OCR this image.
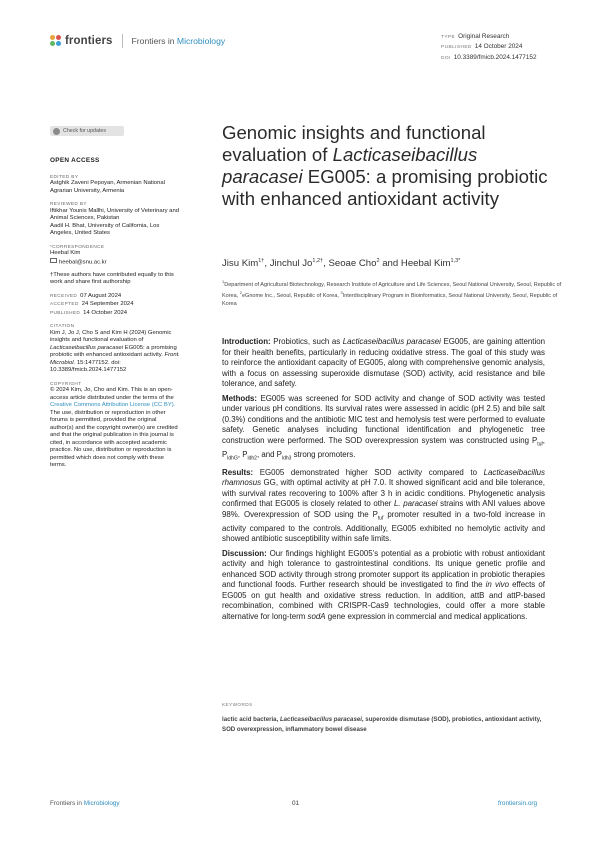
frontiers Frontiers in Microbiology	TYPE Original Research
PUBLISHED 14 October 2024
DOI 10.3389/fmicb.2024.1477152
Check for updates
OPEN ACCESS
EDITED BY
Astghik Zaveni Pepoyan, Armenian National Agrarian University, Armenia
REVIEWED BY
Iftikhar Younis Mallhi, University of Veterinary and Animal Sciences, Pakistan
Aadil H. Bhat, University of California, Los Angeles, United States
*CORRESPONDENCE
Heebal Kim
heebal@snu.ac.kr
†These authors have contributed equally to this work and share first authorship
RECEIVED 07 August 2024
ACCEPTED 24 September 2024
PUBLISHED 14 October 2024
CITATION
Kim J, Jo J, Cho S and Kim H (2024) Genomic insights and functional evaluation of Lacticaseibacillus paracasei EG005: a promising probiotic with enhanced antioxidant activity. Front. Microbiol. 15:1477152. doi: 10.3389/fmicb.2024.1477152
COPYRIGHT
© 2024 Kim, Jo, Cho and Kim. This is an open-access article distributed under the terms of the Creative Commons Attribution License (CC BY). The use, distribution or reproduction in other forums is permitted, provided the original author(s) and the copyright owner(s) are credited and that the original publication in this journal is cited, in accordance with accepted academic practice. No use, distribution or reproduction is permitted which does not comply with these terms.
Genomic insights and functional evaluation of Lacticaseibacillus paracasei EG005: a promising probiotic with enhanced antioxidant activity
Jisu Kim$^{1\dagger}$, Jinchul $Jo^{1,2\dagger}$, Seoae Cho$^2$ and Heebal Kim$^{1,3*}$
$^1$Department of Agricultural Biotechnology, Research Institute of Agriculture and Life Sciences, Seoul National University, Seoul, Republic of Korea, $^2$eGnome Inc., Seoul, Republic of Korea, $^3$Interdisciplinary Program in Bioinformatics, Seoul National University, Seoul, Republic of Korea

Introduction: Probiotics, such as Lacticaseibacillus paracasei EG005, are gaining attention for their health benefits, particularly in reducing oxidative stress. The goal of this study was to reinforce the antioxidant capacity of EG005, along with comprehensive genomic analysis, with a focus on assessing superoxide dismutase (SOD) activity, acid resistance and bile tolerance, and safety.

Methods: EG005 was screened for SOD activity and change of SOD activity was tested under various pH conditions. Its survival rates were assessed in acidic (pH 2.5) and bile salt (0.3%) conditions and the antibiotic MIC test and hemolysis test were performed to evaluate safety. Genetic analyses including functional identification and phylogenetic tree construction were performed. The SOD overexpression system was constructed using $P_{tuf}$, $P_{ldhG}$, $P_{ldh2}$, and $P_{ldh3}$ strong promoters.

Results: EG005 demonstrated higher SOD activity compared to Lacticaseibacillus rhamnosus GG, with optimal activity at pH 7.0. It showed significant acid and bile tolerance, with survival rates recovering to 100% after 3 h in acidic conditions. Phylogenetic analysis confirmed that EG005 is closely related to other L. paracasei strains with ANI values above 98%. Overexpression of SOD using the $P_{tuf}$ promoter resulted in a two-fold increase in activity compared to the controls. Additionally, EG005 exhibited no hemolytic activity and showed antibiotic susceptibility within safe limits.

Discussion: Our findings highlight EG005’s potential as a probiotic with robust antioxidant activity and high tolerance to gastrointestinal conditions. Its unique genetic profile and enhanced SOD activity through strong promoter support its application in probiotic therapies and functional foods. Further research should be investigated to find the in vivo effects of EG005 on gut health and oxidative stress reduction. In addition, attB and attP-based recombination, combined with CRISPR-Cas9 technologies, could offer a more stable alternative for long-term sodA gene expression in commercial and medical applications.

KEYWORDS
lactic acid bacteria, Lacticaseibacillus paracasei, superoxide dismutase (SOD), probiotics, antioxidant activity, SOD overexpression, inflammatory bowel disease
Frontiers in Microbiology	01	frontiersin.org
